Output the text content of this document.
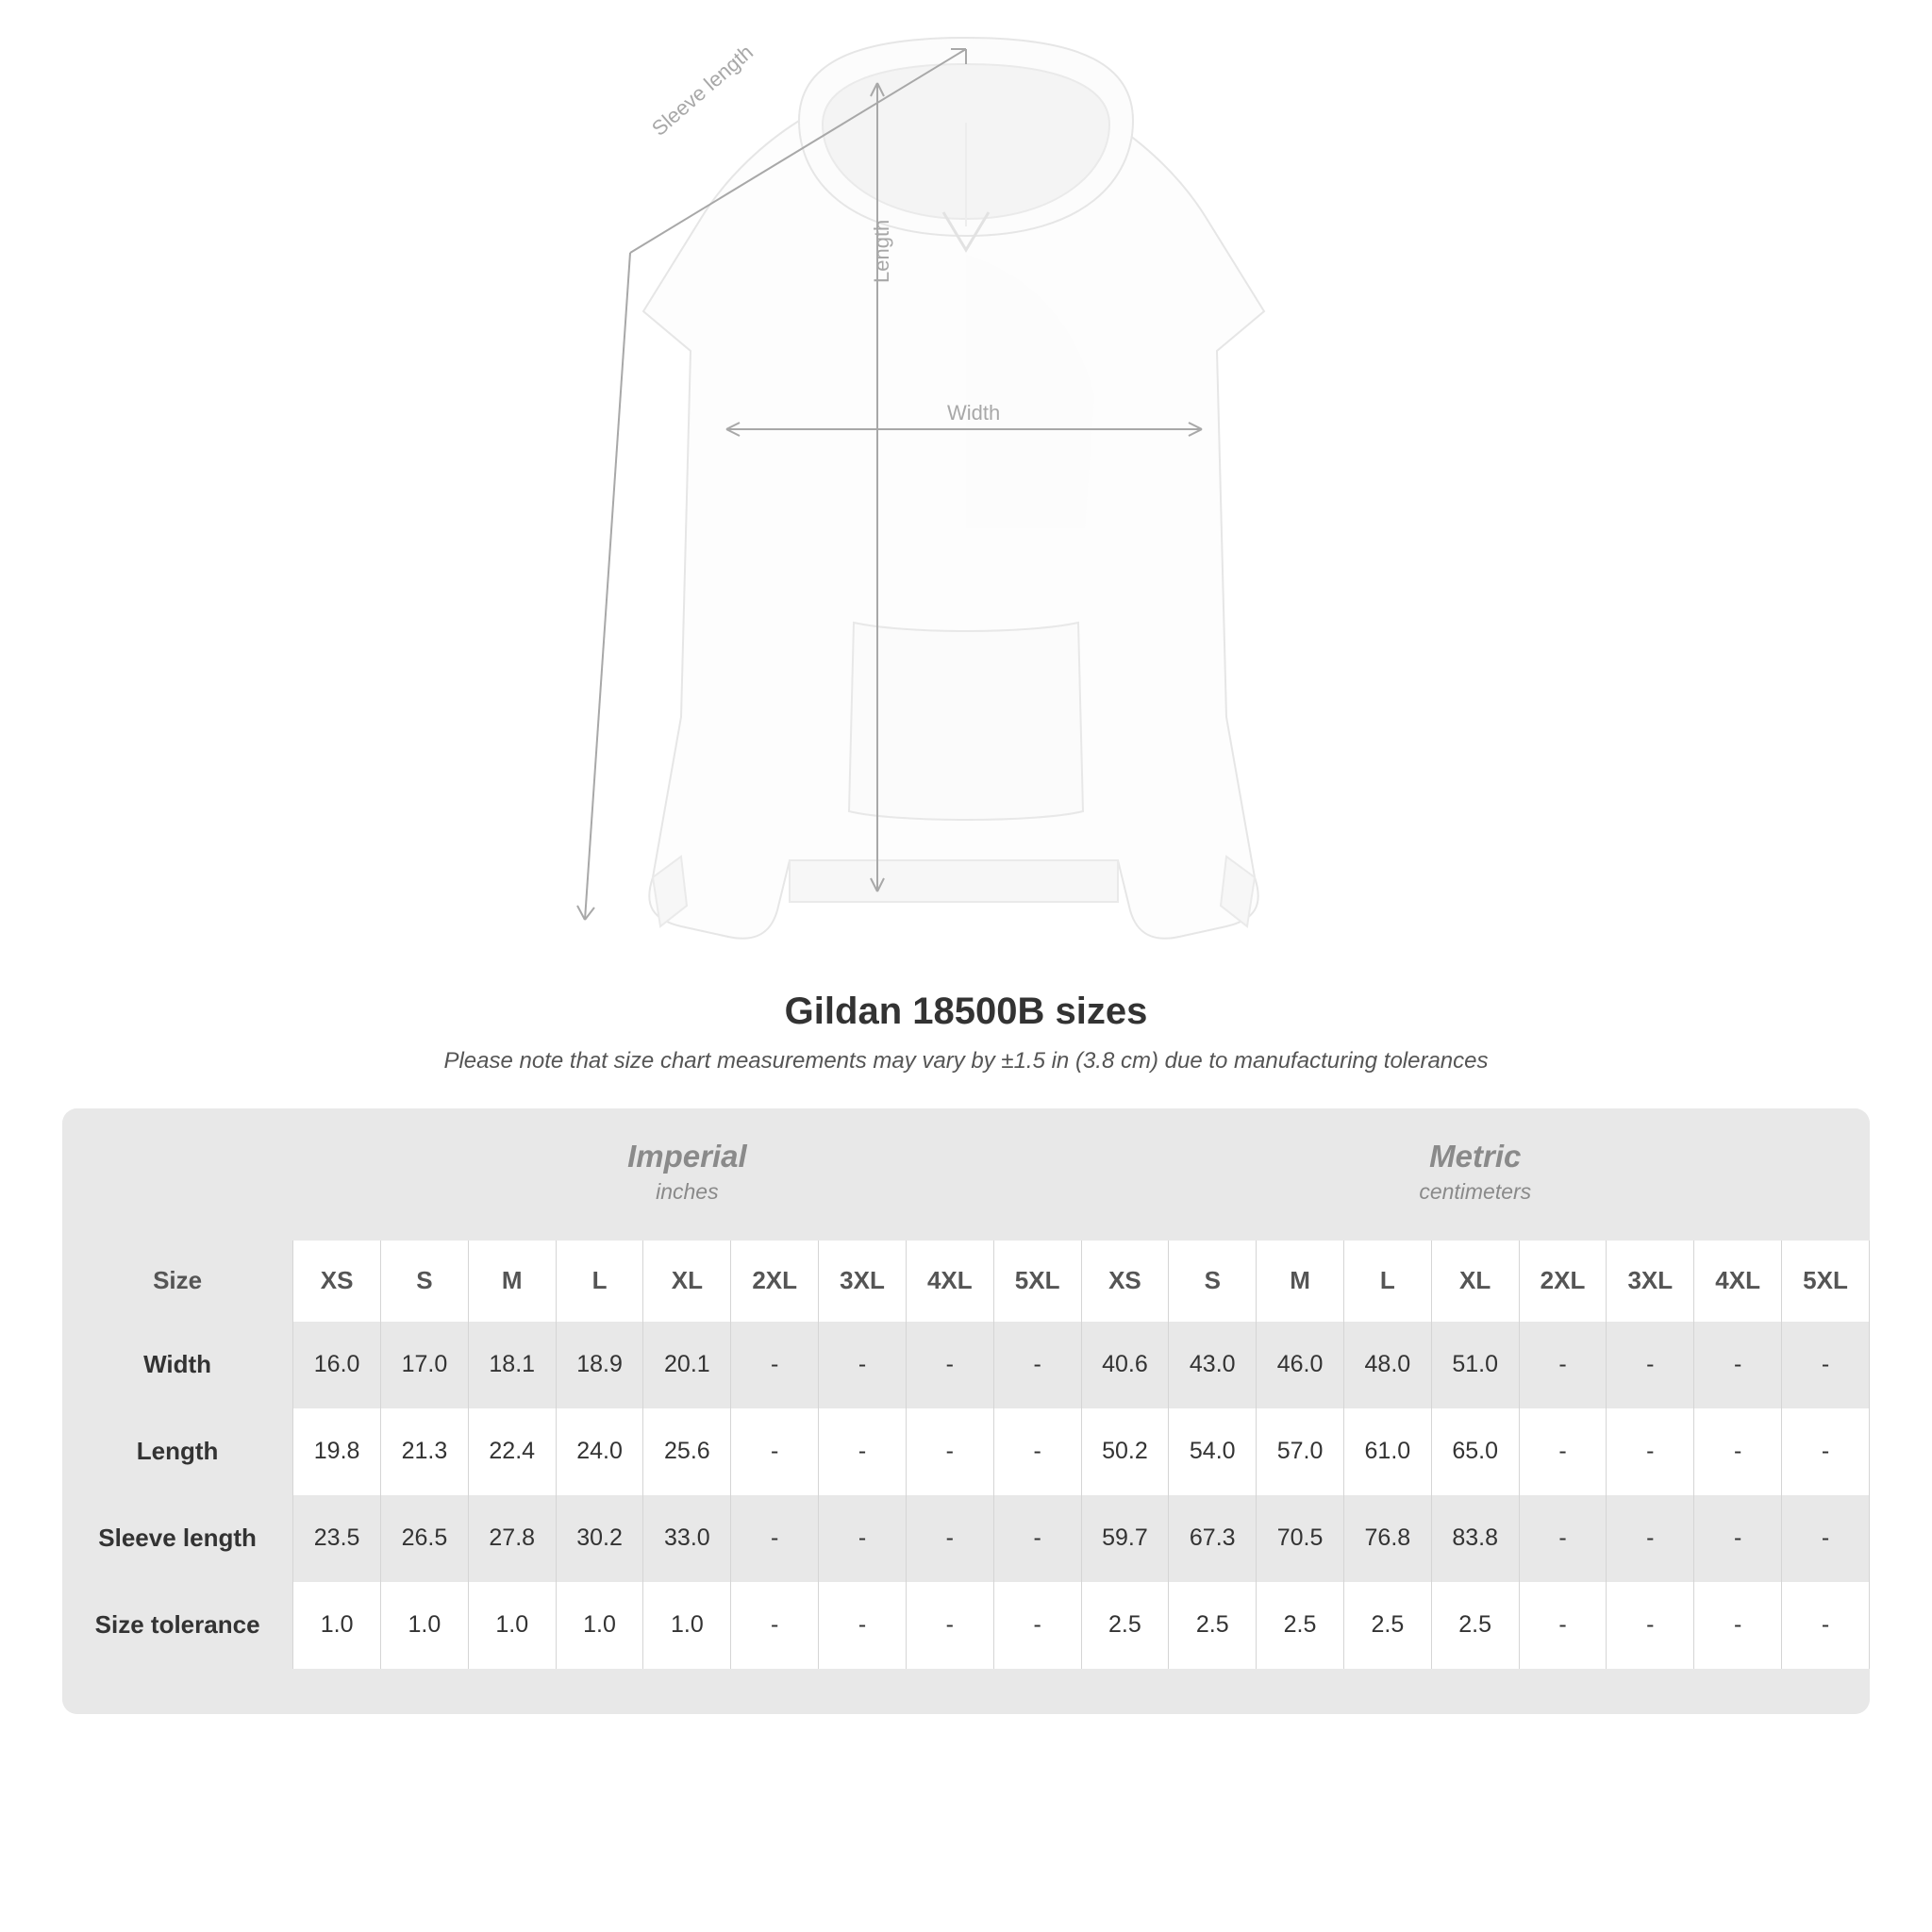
Width
Length
Sleeve length
Gildan 18500B sizes

Please note that size chart measurements may vary by ±1.5 in (3.8 cm) due to manufacturing tolerances

Imperial
inches

Metric
centimeters

Size	XS	S	M	L	XL	2XL	3XL	4XL	5XL	XS	S	M	L	XL	2XL	3XL	4XL	5XL
Width	16.0	17.0	18.1	18.9	20.1	-	-	-	-	40.6	43.0	46.0	48.0	51.0	-	-	-	-
Length	19.8	21.3	22.4	24.0	25.6	-	-	-	-	50.2	54.0	57.0	61.0	65.0	-	-	-	-
Sleeve length	23.5	26.5	27.8	30.2	33.0	-	-	-	-	59.7	67.3	70.5	76.8	83.8	-	-	-	-
Size tolerance	1.0	1.0	1.0	1.0	1.0	-	-	-	-	2.5	2.5	2.5	2.5	2.5	-	-	-	-
